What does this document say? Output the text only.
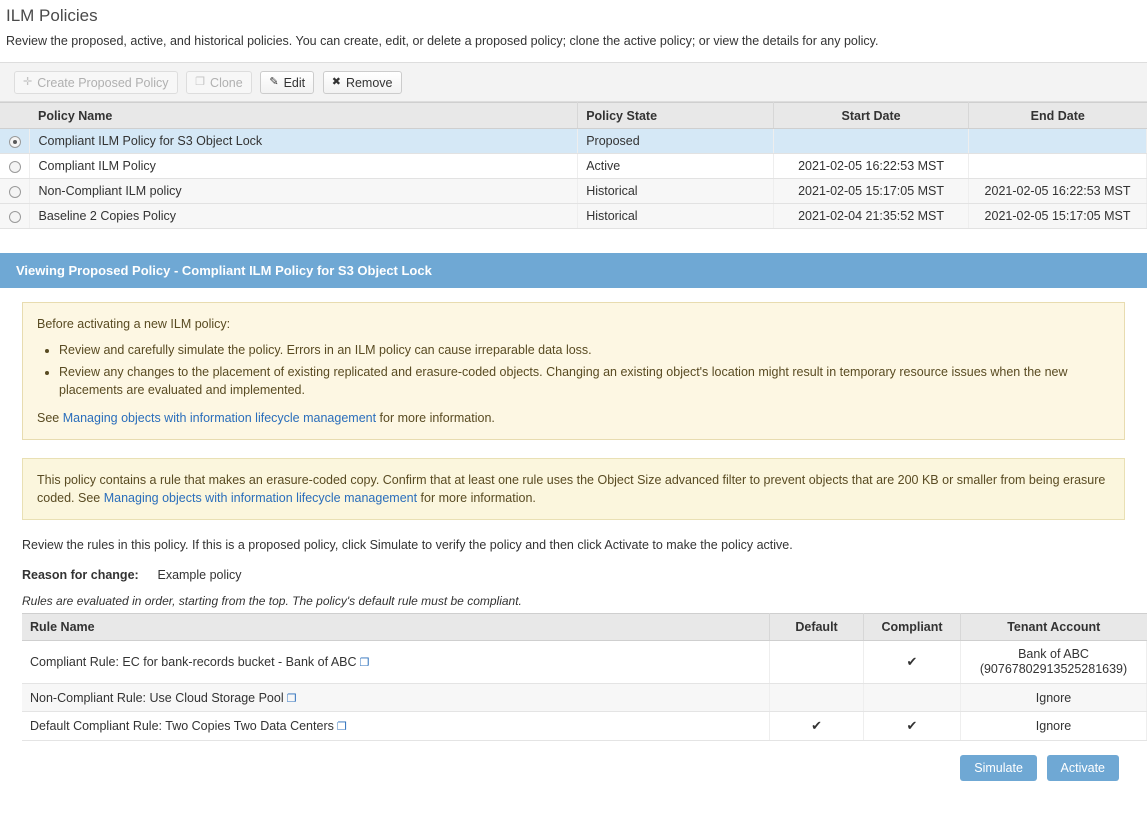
ILM Policies
Review the proposed, active, and historical policies. You can create, edit, or delete a proposed policy; clone the active policy; or view the details for any policy.
✛ Create Proposed Policy
❐ Clone
✎ Edit
✖ Remove
	Policy Name	Policy State	Start Date	End Date
	Compliant ILM Policy for S3 Object Lock	Proposed		
	Compliant ILM Policy	Active	2021-02-05 16:22:53 MST	
	Non-Compliant ILM policy	Historical	2021-02-05 15:17:05 MST	2021-02-05 16:22:53 MST
	Baseline 2 Copies Policy	Historical	2021-02-04 21:35:52 MST	2021-02-05 15:17:05 MST
Viewing Proposed Policy - Compliant ILM Policy for S3 Object Lock

Before activating a new ILM policy:

• Review and carefully simulate the policy. Errors in an ILM policy can cause irreparable data loss.
• Review any changes to the placement of existing replicated and erasure-coded objects. Changing an existing object's location might result in temporary resource issues when the new placements are evaluated and implemented.

See Managing objects with information lifecycle management for more information.

This policy contains a rule that makes an erasure-coded copy. Confirm that at least one rule uses the Object Size advanced filter to prevent objects that are 200 KB or smaller from being erasure coded. See Managing objects with information lifecycle management for more information.

Review the rules in this policy. If this is a proposed policy, click Simulate to verify the policy and then click Activate to make the policy active.
Reason for change: Example policy
Rules are evaluated in order, starting from the top. The policy's default rule must be compliant.
Rule Name	Default	Compliant	Tenant Account
Compliant Rule: EC for bank-records bucket - Bank of ABC ❐		✔	Bank of ABC
(90767802913525281639)

Non-Compliant Rule: Use Cloud Storage Pool ❐			Ignore
Default Compliant Rule: Two Copies Two Data Centers ❐	✔	✔	Ignore
Simulate	Activate
